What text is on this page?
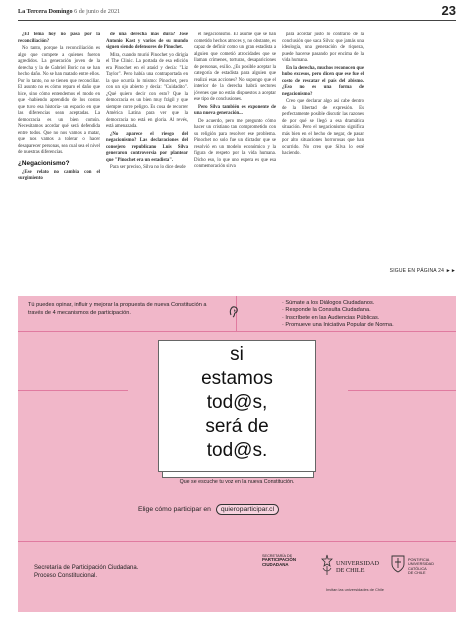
La Tercera Domingo 6 de junio de 2021	23

¿El tema hoy no pasa por la reconciliación?

No tanto, porque la reconciliación es algo que compete a quienes fueron agredidos. La generación joven de la derecha y la de Gabriel Boric no se han hecho daño. No se han matado entre ellos. Por lo tanto, no se tienen que reconciliar. El asunto no es cómo reparo el daño que hice, sino cómo entendemos el modo en que -habiendo aprendido de los costos que tuvo esa historia- un espacio en que las diferencias sean aceptadas. La democracia es un bien común. Necesitamos acordar qué será defendida entre todos. Que no nos vamos a matar, que nos vamos a tolerar o hacer desaparecer personas, sea cual sea el nivel de nuestras diferencias.

¿Negacionismo?

¿Ese relato no cambia con el surgimiento

de una derecha más dura? José Antonio Kast y varios de su mundo siguen siendo defensores de Pinochet.

Mira, cuando murió Pinochet yo dirigía el The Clinic. La portada de esa edición era Pinochet en el ataúd y decía: "Liz Taylor". Pero había una contraportada en la que ocurría lo mismo: Pinochet, pero con un ojo abierto y decía: "Cuidadito". ¿Qué quiero decir con esto? Que la democracia es un bien muy frágil y que siempre corre peligro. Es cosa de recorrer América Latina para ver que la democracia no está en gloria. Al revés, está amenazada.

¿No aparece el riesgo del negacionismo? Las declaraciones del consejero republicano Luis Silva generaron controversia por plantear que "Pinochet era un estadista".

Para ser preciso, Silva no lo dice desde

el negacionismo. Él asume que se han cometido hechos atroces y, no obstante, es capaz de definir como un gran estadista a alguien que cometió atrocidades que se llaman crímenes, torturas, desapariciones de personas, exilio. ¿Es posible aceptar la categoría de estadista para alguien que realizó esas acciones? No supongo que el interior de la derecha habrá sectores jóvenes que no están dispuestos a aceptar ese tipo de conclusiones.

Pero Silva también es exponente de una nueva generación...

De acuerdo, pero me pregunto cómo hacer un cristiano tan comprometido con su religión para resolver ese problema. Pinochet no solo fue un dictador que se resolvió en un modelo económico y la figura de respeto por la vida humana. Dicho eso, lo que uno espera es que esa conmemoración sirva

para acordar justo lo contrario de la conclusión que saca Silva: que jamás una ideología, una generación de riqueza, puede hacerse pasando por encima de la vida humana.

En la derecha, muchos reconocen que hubo excesos, pero dicen que ese fue el costo de rescatar el país del abismo. ¿Eso no es una forma de negacionismo?

Creo que declarar algo así cabe dentro de la libertad de expresión. Es perfectamente posible discutir las razones de por qué se llegó a esa dramática situación. Pero el negacionismo significa más bien en el hecho de negar, de pasar por alto situaciones horrorosas que han ocurrido. No creo que Silva lo esté haciendo.

SIGUE EN PÁGINA 24 ►►
Tú puedes opinar, influir y mejorar la propuesta de nueva Constitución a través de 4 mecanismos de participación.
· Súmate a los Diálogos Ciudadanos.
· Responde la Consulta Ciudadana.
· Inscríbete en las Audiencias Públicas.
· Promueve una Iniciativa Popular de Norma.
si
estamos
tod@s,
será de
tod@s.
Que se escuche tu voz en la nueva Constitución.
Elige cómo participar en quieroparticipar.cl
Secretaría de Participación Ciudadana.
Proceso Constitucional.
SECRETARÍA DE
PARTICIPACIÓN
CIUDADANA	UNIVERSIDAD
DE CHILE
PONTIFICIA
UNIVERSIDAD
CATÓLICA
DE CHILE
Invitan las universidades de Chile
